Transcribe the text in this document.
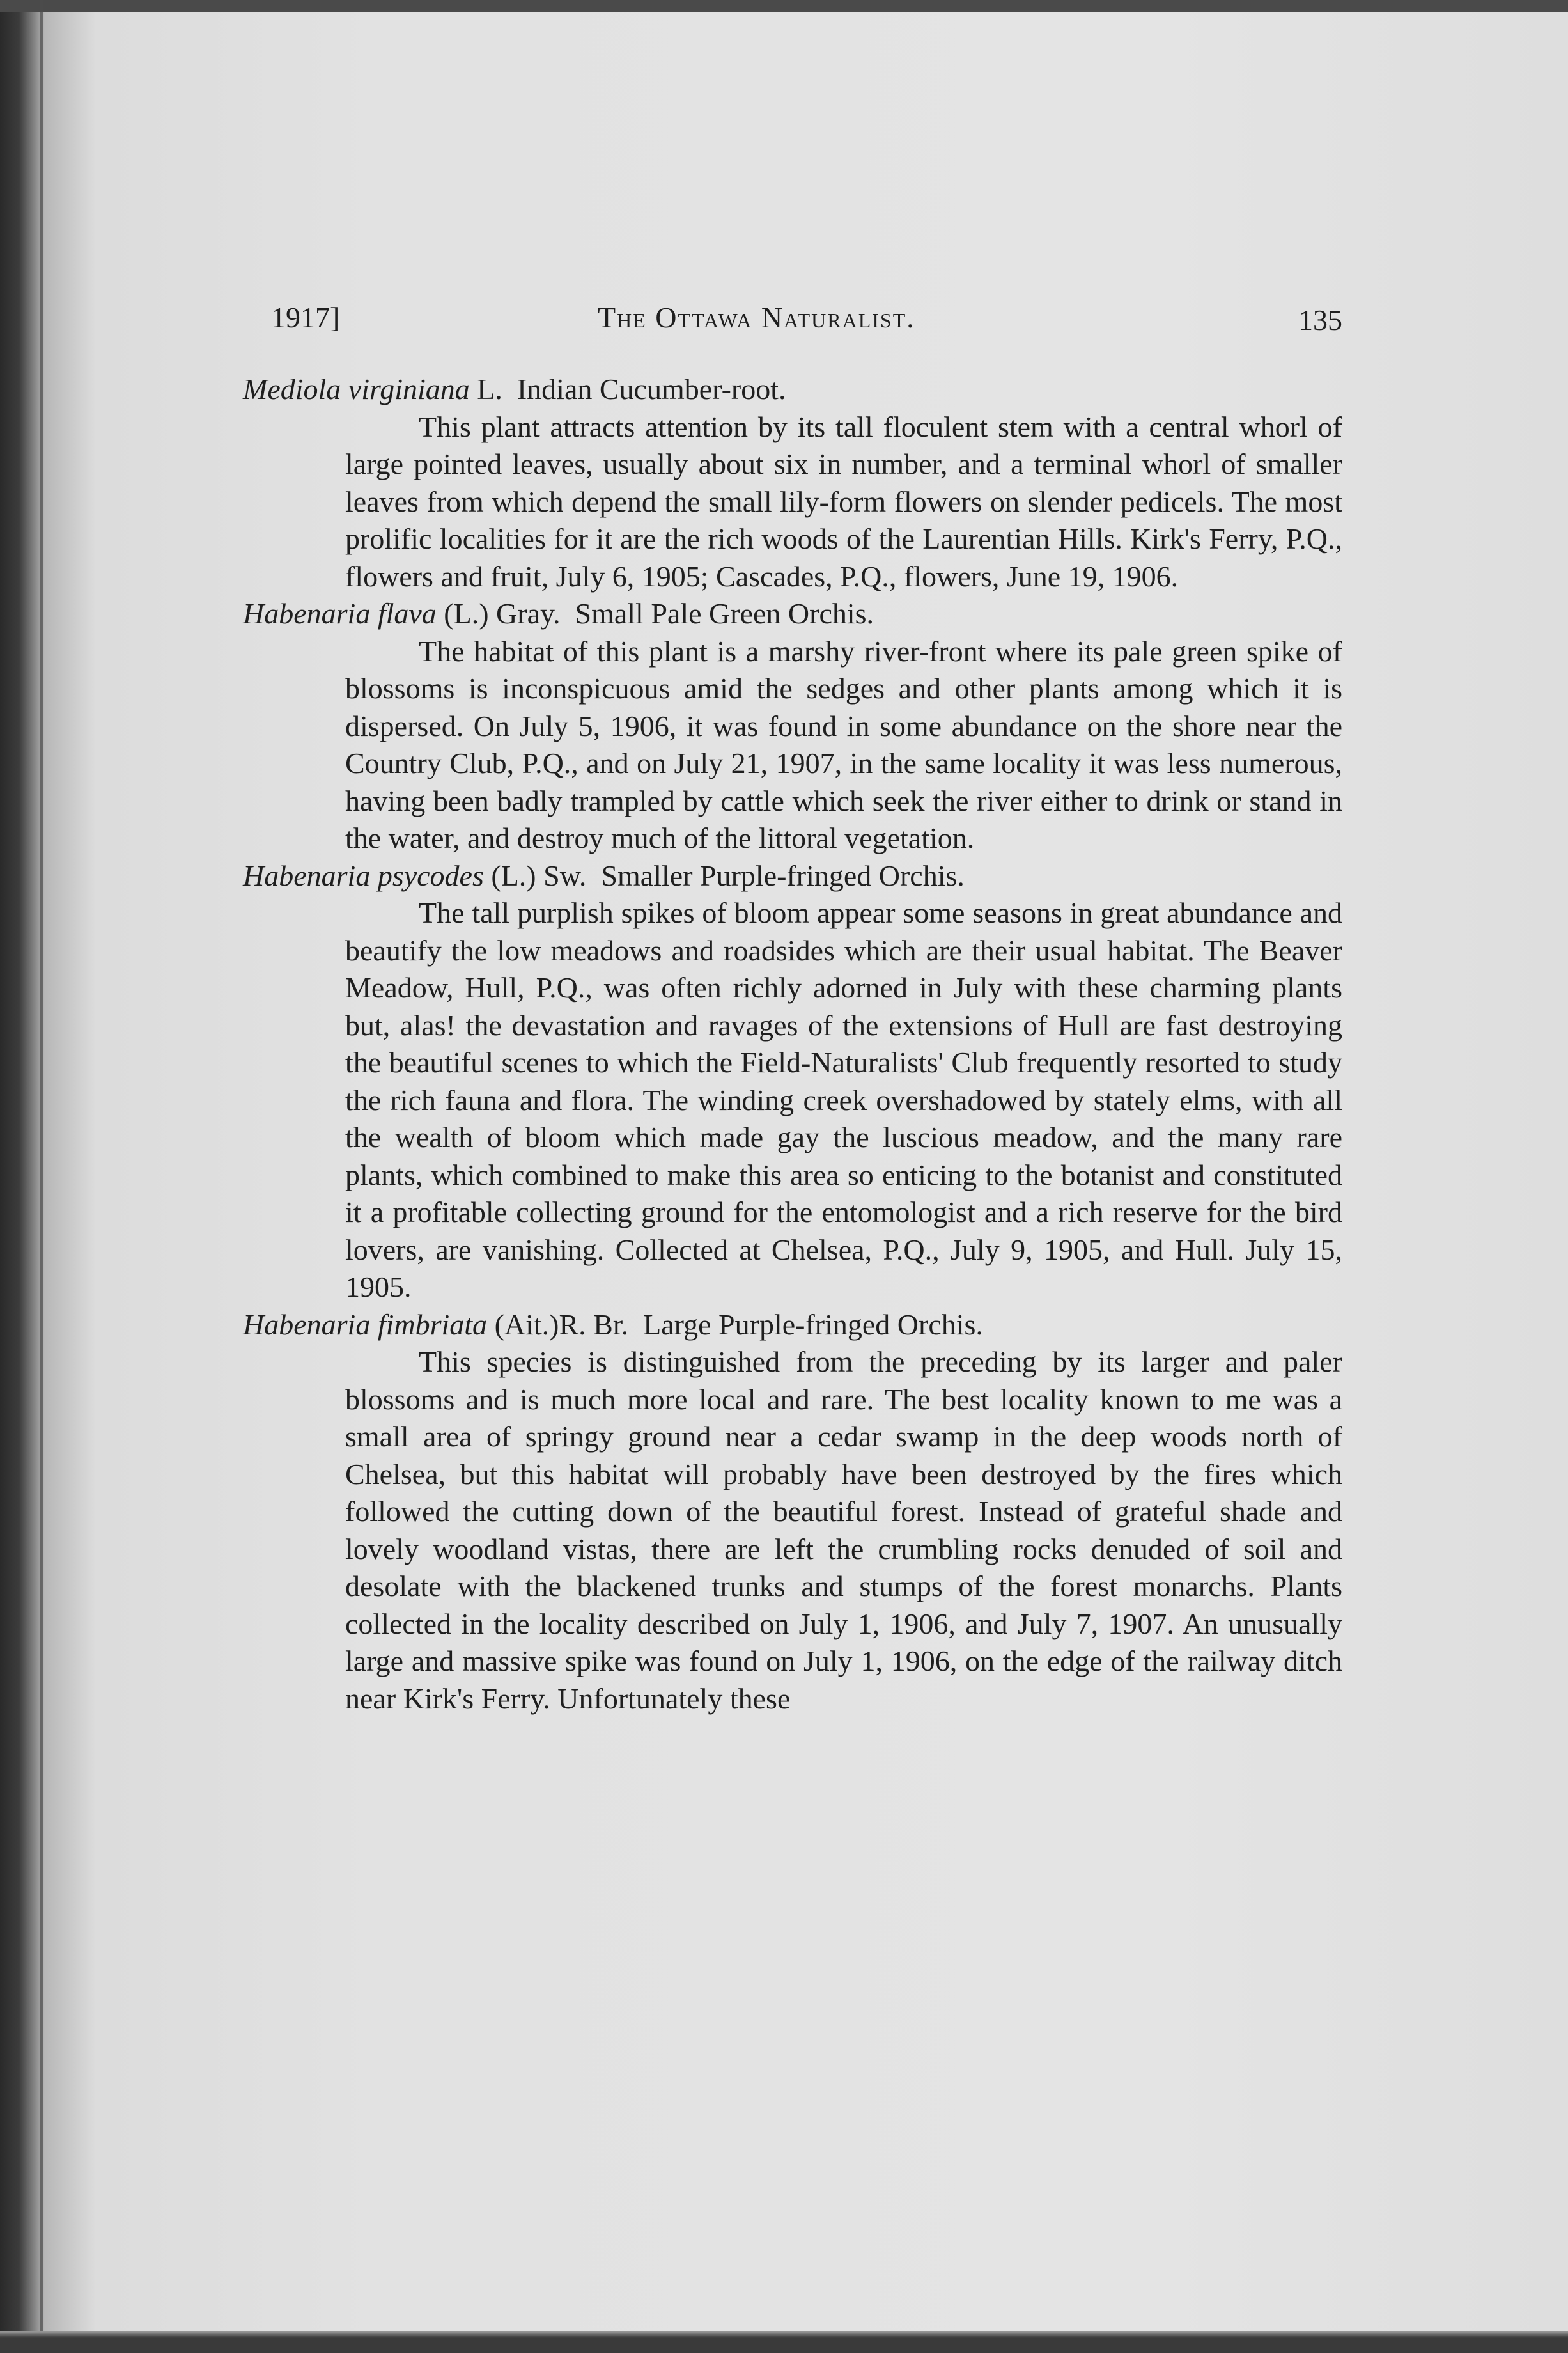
1917]	The Ottawa Naturalist.	135

Mediola virginiana L. Indian Cucumber-root.

This plant attracts attention by its tall floculent stem with a central whorl of large pointed leaves, usually about six in number, and a terminal whorl of smaller leaves from which depend the small lily-form flowers on slender pedicels. The most prolific localities for it are the rich woods of the Laurentian Hills. Kirk's Ferry, P.Q., flowers and fruit, July 6, 1905; Cascades, P.Q., flowers, June 19, 1906.

Habenaria flava (L.) Gray. Small Pale Green Orchis.

The habitat of this plant is a marshy river-front where its pale green spike of blossoms is inconspicuous amid the sedges and other plants among which it is dispersed. On July 5, 1906, it was found in some abundance on the shore near the Country Club, P.Q., and on July 21, 1907, in the same locality it was less numerous, having been badly trampled by cattle which seek the river either to drink or stand in the water, and destroy much of the littoral vegetation.

Habenaria psycodes (L.) Sw. Smaller Purple-fringed Orchis.

The tall purplish spikes of bloom appear some seasons in great abundance and beautify the low meadows and roadsides which are their usual habitat. The Beaver Meadow, Hull, P.Q., was often richly adorned in July with these charming plants but, alas! the devastation and ravages of the extensions of Hull are fast destroying the beautiful scenes to which the Field-Naturalists' Club frequently resorted to study the rich fauna and flora. The winding creek overshadowed by stately elms, with all the wealth of bloom which made gay the luscious meadow, and the many rare plants, which combined to make this area so enticing to the botanist and constituted it a profitable collecting ground for the entomologist and a rich reserve for the bird lovers, are vanishing. Collected at Chelsea, P.Q., July 9, 1905, and Hull. July 15, 1905.

Habenaria fimbriata (Ait.)R. Br. Large Purple-fringed Orchis.

This species is distinguished from the preceding by its larger and paler blossoms and is much more local and rare. The best locality known to me was a small area of springy ground near a cedar swamp in the deep woods north of Chelsea, but this habitat will probably have been destroyed by the fires which followed the cutting down of the beautiful forest. Instead of grateful shade and lovely woodland vistas, there are left the crumbling rocks denuded of soil and desolate with the blackened trunks and stumps of the forest monarchs. Plants collected in the locality described on July 1, 1906, and July 7, 1907. An unusually large and massive spike was found on July 1, 1906, on the edge of the railway ditch near Kirk's Ferry. Unfortunately these
